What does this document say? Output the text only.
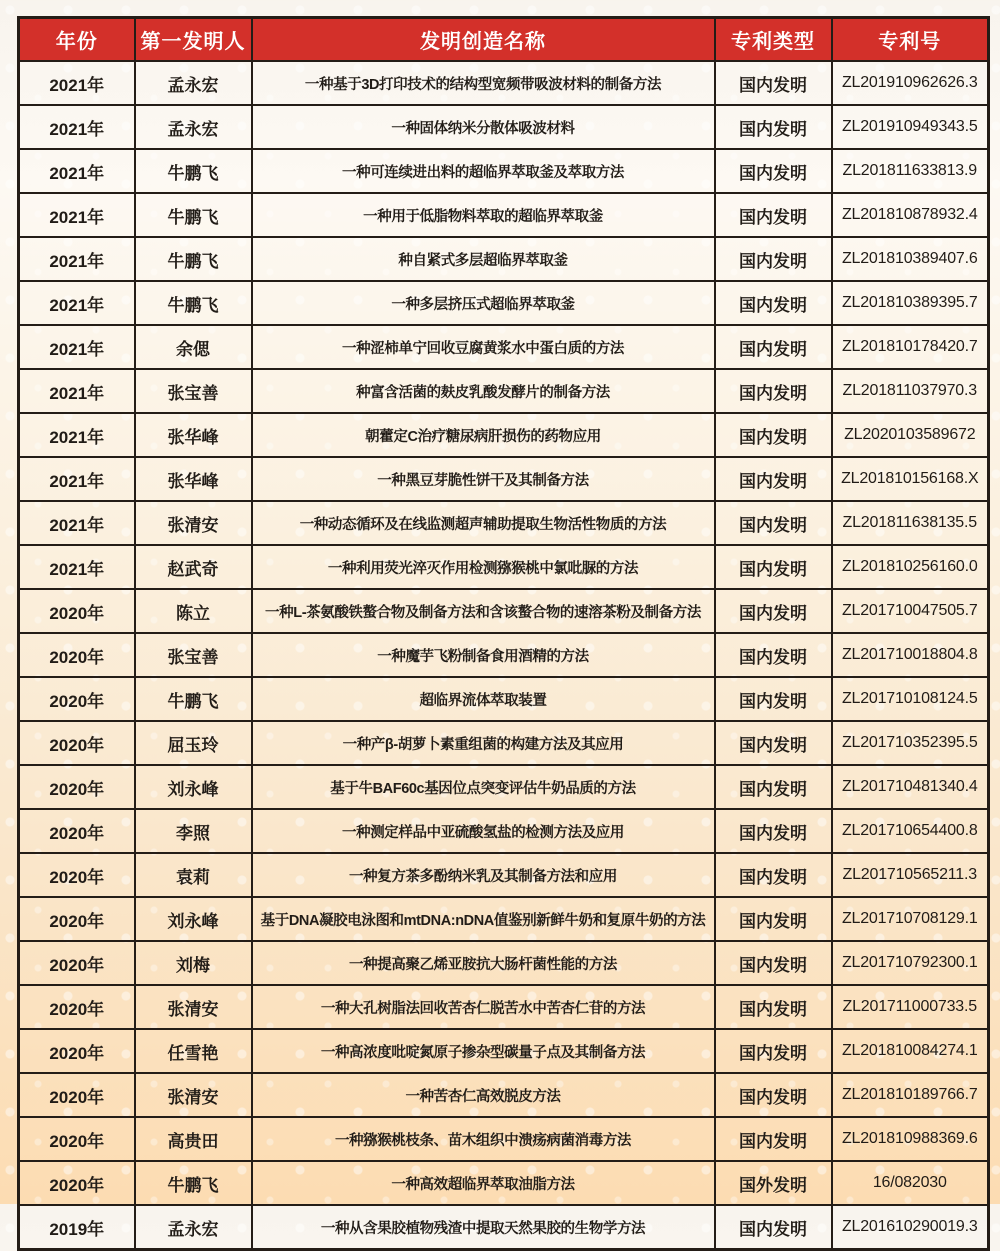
年份	第一发明人	发明创造名称	专利类型	专利号
2021年	孟永宏	一种基于3D打印技术的结构型宽频带吸波材料的制备方法	国内发明	ZL201910962626.3
2021年	孟永宏	一种固体纳米分散体吸波材料	国内发明	ZL201910949343.5
2021年	牛鹏飞	一种可连续进出料的超临界萃取釜及萃取方法	国内发明	ZL201811633813.9
2021年	牛鹏飞	一种用于低脂物料萃取的超临界萃取釜	国内发明	ZL201810878932.4
2021年	牛鹏飞	种自紧式多层超临界萃取釜	国内发明	ZL201810389407.6
2021年	牛鹏飞	一种多层挤压式超临界萃取釜	国内发明	ZL201810389395.7
2021年	余偲	一种涩柿单宁回收豆腐黄浆水中蛋白质的方法	国内发明	ZL201810178420.7
2021年	张宝善	种富含活菌的麸皮乳酸发酵片的制备方法	国内发明	ZL201811037970.3
2021年	张华峰	朝藿定C治疗糖尿病肝损伤的药物应用	国内发明	ZL2020103589672
2021年	张华峰	一种黑豆芽脆性饼干及其制备方法	国内发明	ZL201810156168.X
2021年	张清安	一种动态循环及在线监测超声辅助提取生物活性物质的方法	国内发明	ZL201811638135.5
2021年	赵武奇	一种利用荧光淬灭作用检测猕猴桃中氯吡脲的方法	国内发明	ZL201810256160.0
2020年	陈立	一种L-茶氨酸铁螯合物及制备方法和含该螯合物的速溶茶粉及制备方法	国内发明	ZL201710047505.7
2020年	张宝善	一种魔芋飞粉制备食用酒精的方法	国内发明	ZL201710018804.8
2020年	牛鹏飞	超临界流体萃取装置	国内发明	ZL201710108124.5
2020年	屈玉玲	一种产β-胡萝卜素重组菌的构建方法及其应用	国内发明	ZL201710352395.5
2020年	刘永峰	基于牛BAF60c基因位点突变评估牛奶品质的方法	国内发明	ZL201710481340.4
2020年	李照	一种测定样品中亚硫酸氢盐的检测方法及应用	国内发明	ZL201710654400.8
2020年	袁莉	一种复方茶多酚纳米乳及其制备方法和应用	国内发明	ZL201710565211.3
2020年	刘永峰	基于DNA凝胶电泳图和mtDNA:nDNA值鉴别新鲜牛奶和复原牛奶的方法	国内发明	ZL201710708129.1
2020年	刘梅	一种提高聚乙烯亚胺抗大肠杆菌性能的方法	国内发明	ZL201710792300.1
2020年	张清安	一种大孔树脂法回收苦杏仁脱苦水中苦杏仁苷的方法	国内发明	ZL201711000733.5
2020年	任雪艳	一种高浓度吡啶氮原子掺杂型碳量子点及其制备方法	国内发明	ZL201810084274.1
2020年	张清安	一种苦杏仁高效脱皮方法	国内发明	ZL201810189766.7
2020年	高贵田	一种猕猴桃枝条、苗木组织中溃疡病菌消毒方法	国内发明	ZL201810988369.6
2020年	牛鹏飞	一种高效超临界萃取油脂方法	国外发明	16/082030
2019年	孟永宏	一种从含果胶植物残渣中提取天然果胶的生物学方法	国内发明	ZL201610290019.3
